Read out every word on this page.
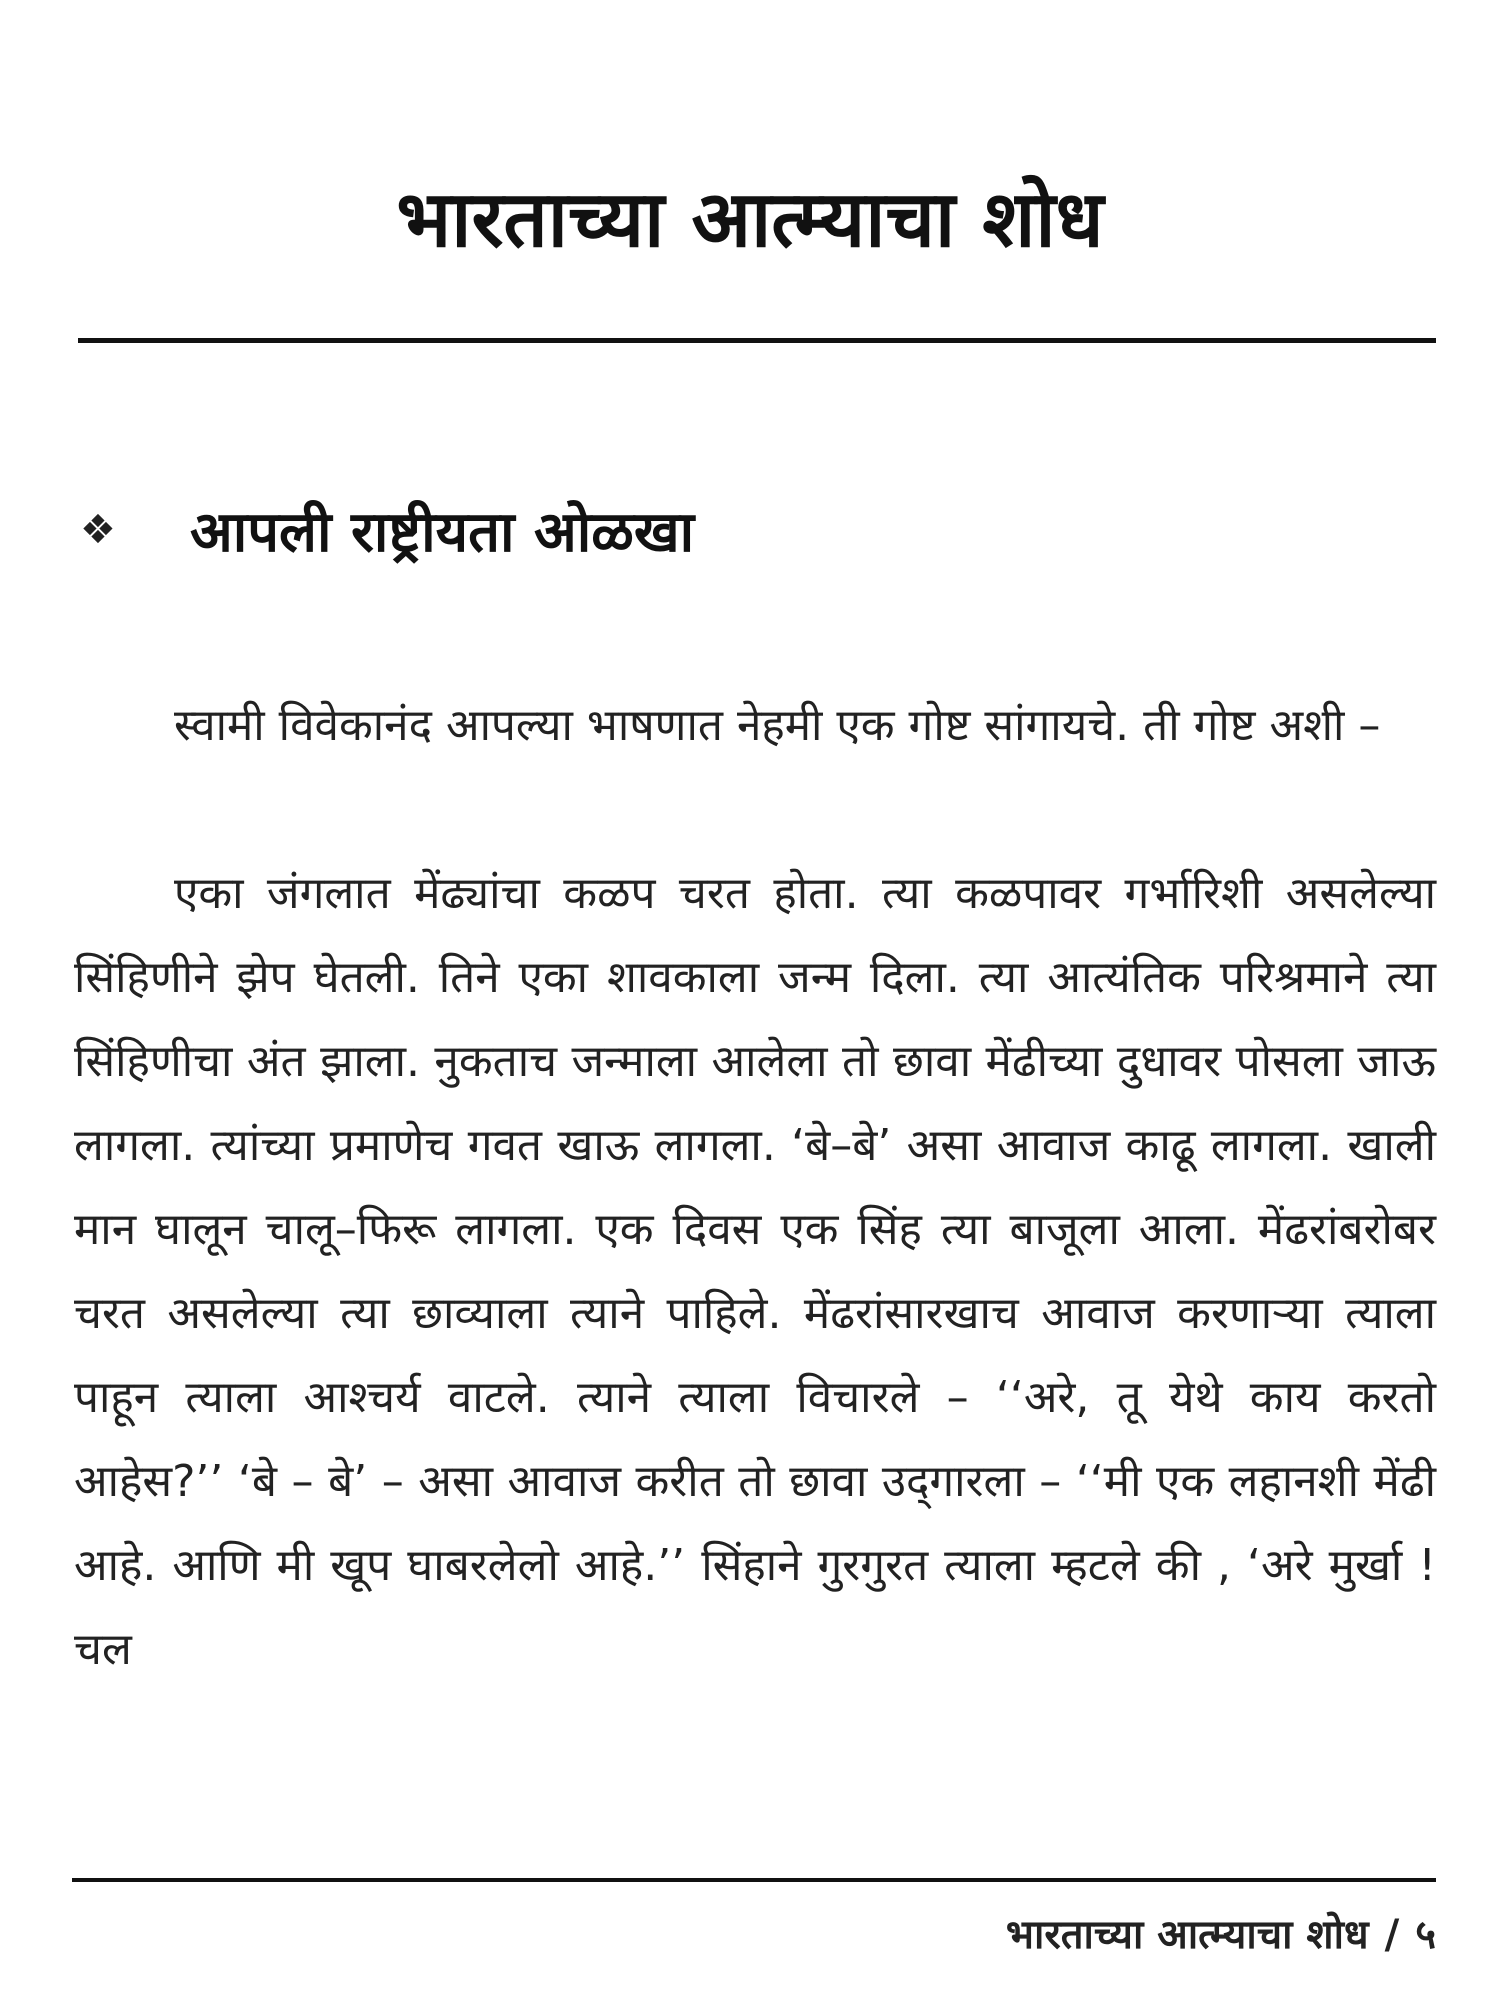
भारताच्या आत्म्याचा शोध
❖	आपली राष्ट्रीयता ओळखा

स्वामी विवेकानंद आपल्या भाषणात नेहमी एक गोष्ट सांगायचे. ती गोष्ट अशी –

एका जंगलात मेंढ्यांचा कळप चरत होता. त्या कळपावर गर्भारिशी असलेल्या सिंहिणीने झेप घेतली. तिने एका शावकाला जन्म दिला. त्या आत्यंतिक परिश्रमाने त्या सिंहिणीचा अंत झाला. नुकताच जन्माला आलेला तो छावा मेंढीच्या दुधावर पोसला जाऊ लागला. त्यांच्या प्रमाणेच गवत खाऊ लागला. ‘बे–बे’ असा आवाज काढू लागला. खाली मान घालून चालू–फिरू लागला. एक दिवस एक सिंह त्या बाजूला आला. मेंढरांबरोबर चरत असलेल्या त्या छाव्याला त्याने पाहिले. मेंढरांसारखाच आवाज करणाऱ्या त्याला पाहून त्याला आश्चर्य वाटले. त्याने त्याला विचारले – ‘‘अरे, तू येथे काय करतो आहेस?’’ ‘बे – बे’ – असा आवाज करीत तो छावा उद्‌गारला – ‘‘मी एक लहानशी मेंढी आहे. आणि मी खूप घाबरलेलो आहे.’’ सिंहाने गुरगुरत त्याला म्हटले की , ‘अरे मुर्खा ! चल

भारताच्या आत्म्याचा शोध / ५
